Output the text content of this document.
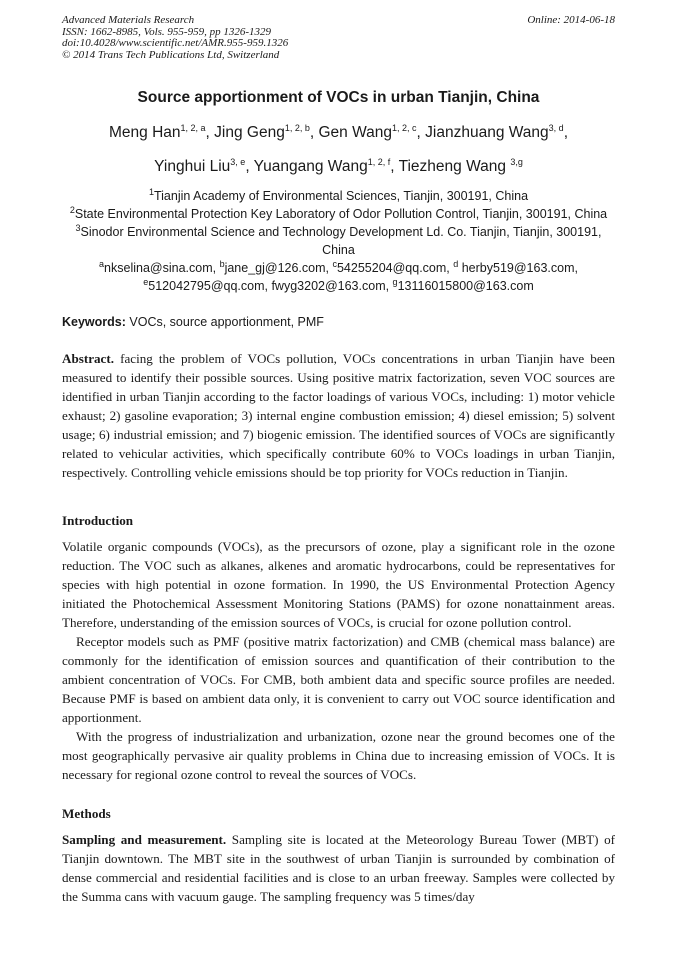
Advanced Materials Research
ISSN: 1662-8985, Vols. 955-959, pp 1326-1329
doi:10.4028/www.scientific.net/AMR.955-959.1326
© 2014 Trans Tech Publications Ltd, Switzerland
Online: 2014-06-18
Source apportionment of VOCs in urban Tianjin, China
Meng Han$^{1, 2, a}$, Jing Geng$^{1, 2, b}$, Gen Wang$^{1, 2, c}$, Jianzhuang Wang$^{3, d}$,
Yinghui Liu$^{3, e}$, Yuangang Wang$^{1, 2, f}$, Tiezheng Wang $^{3,g}$
$^1$Tianjin Academy of Environmental Sciences, Tianjin, 300191, China
$^2$State Environmental Protection Key Laboratory of Odor Pollution Control, Tianjin, 300191, China
$^3$Sinodor Environmental Science and Technology Development Ld. Co. Tianjin, Tianjin, 300191,
China
$^a$nkselina@sina.com, $^b$jane_gj@126.com, $^c$54255204@qq.com, $^d$ herby519@163.com,
$^e$512042795@qq.com, fwyg3202@163.com, $^g$13116015800@163.com
Keywords: VOCs, source apportionment, PMF
Abstract. facing the problem of VOCs pollution, VOCs concentrations in urban Tianjin have been measured to identify their possible sources. Using positive matrix factorization, seven VOC sources are identified in urban Tianjin according to the factor loadings of various VOCs, including: 1) motor vehicle exhaust; 2) gasoline evaporation; 3) internal engine combustion emission; 4) diesel emission; 5) solvent usage; 6) industrial emission; and 7) biogenic emission. The identified sources of VOCs are significantly related to vehicular activities, which specifically contribute 60% to VOCs loadings in urban Tianjin, respectively. Controlling vehicle emissions should be top priority for VOCs reduction in Tianjin.
Introduction
Volatile organic compounds (VOCs), as the precursors of ozone, play a significant role in the ozone reduction. The VOC such as alkanes, alkenes and aromatic hydrocarbons, could be representatives for species with high potential in ozone formation. In 1990, the US Environmental Protection Agency initiated the Photochemical Assessment Monitoring Stations (PAMS) for ozone nonattainment areas. Therefore, understanding of the emission sources of VOCs, is crucial for ozone pollution control.
Receptor models such as PMF (positive matrix factorization) and CMB (chemical mass balance) are commonly for the identification of emission sources and quantification of their contribution to the ambient concentration of VOCs. For CMB, both ambient data and specific source profiles are needed. Because PMF is based on ambient data only, it is convenient to carry out VOC source identification and apportionment.
With the progress of industrialization and urbanization, ozone near the ground becomes one of the most geographically pervasive air quality problems in China due to increasing emission of VOCs. It is necessary for regional ozone control to reveal the sources of VOCs.
Methods
Sampling and measurement. Sampling site is located at the Meteorology Bureau Tower (MBT) of Tianjin downtown. The MBT site in the southwest of urban Tianjin is surrounded by combination of dense commercial and residential facilities and is close to an urban freeway. Samples were collected by the Summa cans with vacuum gauge. The sampling frequency was 5 times/day
